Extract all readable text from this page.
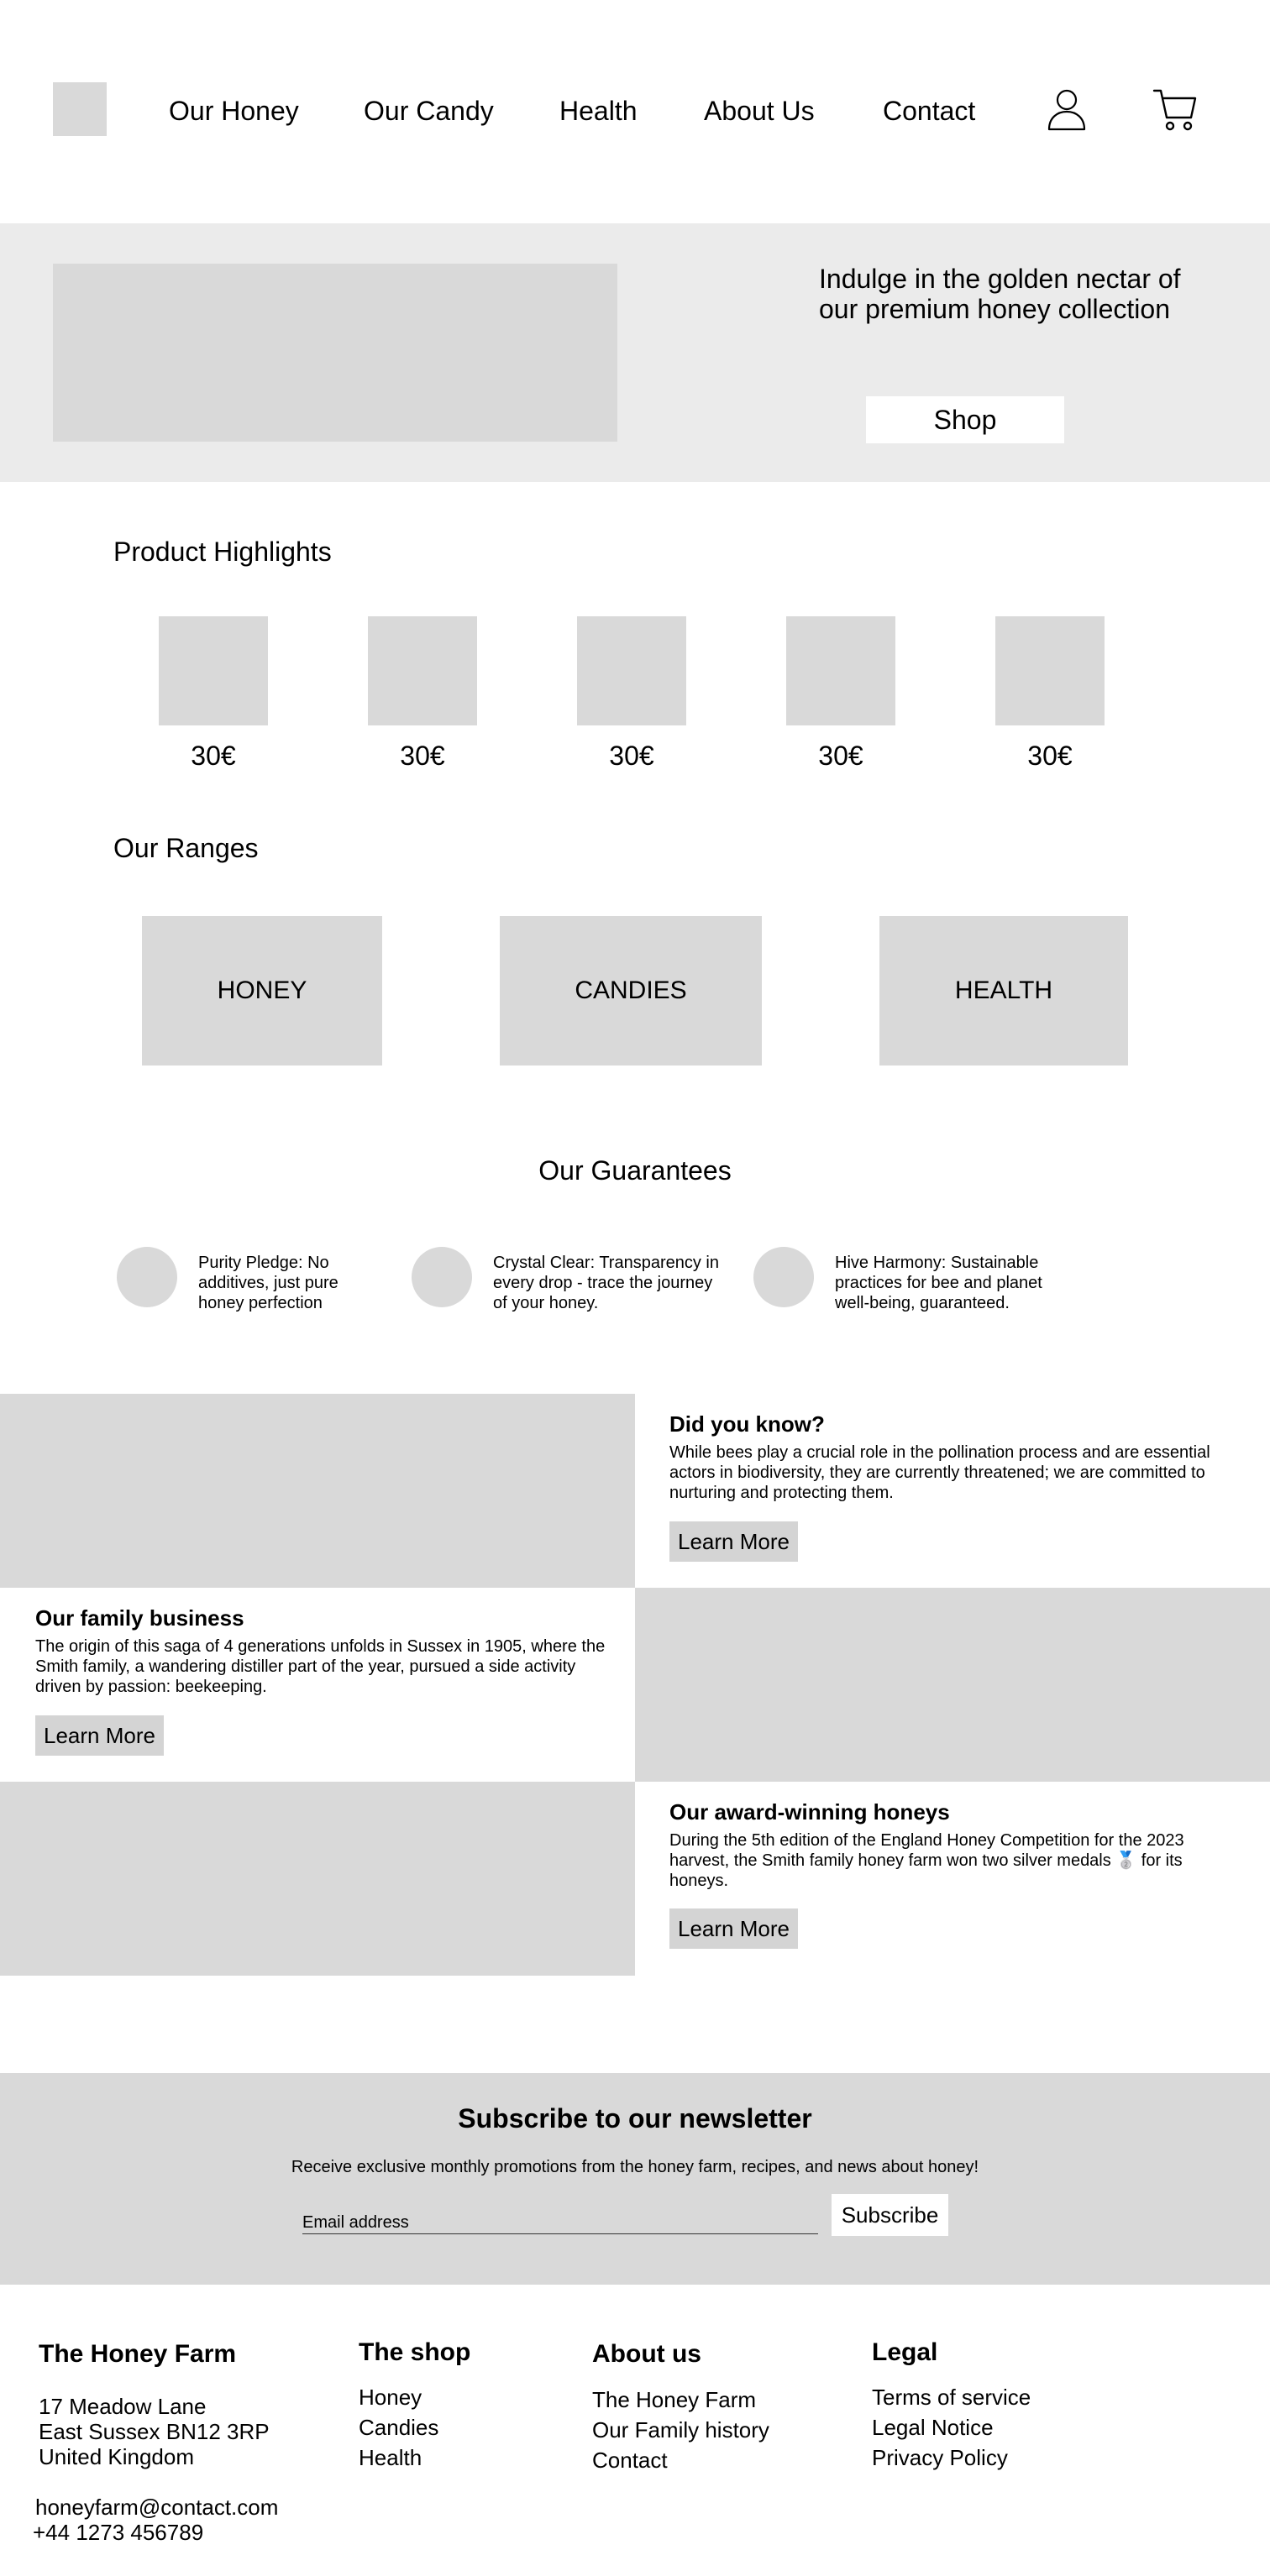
Our Honey Our Candy Health About Us	Contact
Indulge in the golden nectar of our premium honey collection
Shop
Product Highlights
30€	30€	30€	30€	30€
Our Ranges
HONEY	CANDIES	HEALTH
Our Guarantees
Purity Pledge: No additives, just pure honey perfection
Crystal Clear: Transparency in every drop - trace the journey of your honey.
Hive Harmony: Sustainable practices for bee and planet well-being, guaranteed.
Did you know?
While bees play a crucial role in the pollination process and are essential actors in biodiversity, they are currently threatened; we are committed to nurturing and protecting them.
Learn More
Our family business
The origin of this saga of 4 generations unfolds in Sussex in 1905, where the Smith family, a wandering distiller part of the year, pursued a side activity driven by passion: beekeeping.
Learn More
Our award-winning honeys
During the 5th edition of the England Honey Competition for the 2023 harvest, the Smith family honey farm won two silver medals 🥈 for its honeys.
Learn More
Subscribe to our newsletter
Receive exclusive monthly promotions from the honey farm, recipes, and news about honey!
Email address
Subscribe
The Honey Farm
17 Meadow Lane
East Sussex BN12 3RP
United Kingdom
honeyfarm@contact.com
+44 1273 456789
The shop
Honey
Candies
Health
About us
The Honey Farm
Our Family history
Contact
Legal
Terms of service
Legal Notice
Privacy Policy
